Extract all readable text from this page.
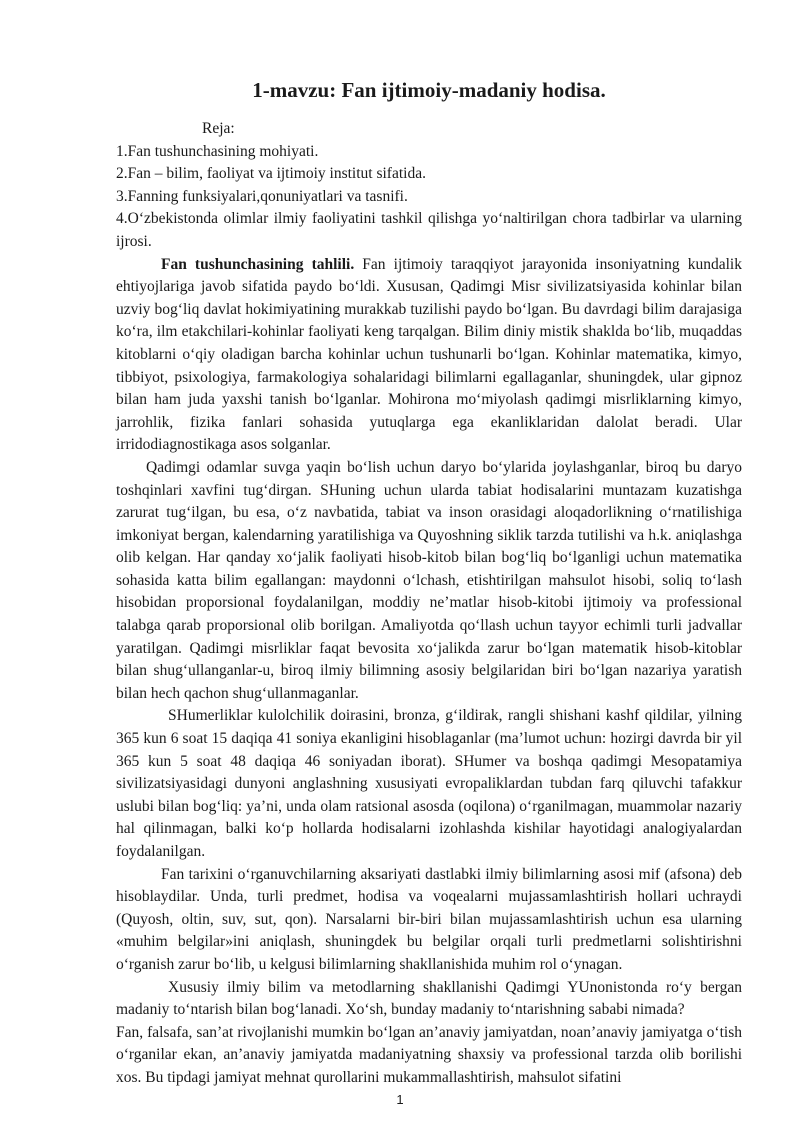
1-mavzu: Fan ijtimoiy-madaniy hodisa.

Reja:

1.Fan tushunchasining mohiyati.

2.Fan – bilim, faoliyat va ijtimoiy institut sifatida.

3.Fanning funksiyalari,qonuniyatlari va tasnifi.

4.O‘zbekistonda olimlar ilmiy faoliyatini tashkil qilishga yo‘naltirilgan chora tadbirlar va ularning ijrosi.

Fan tushunchasining tahlili. Fan ijtimoiy taraqqiyot jarayonida insoniyatning kundalik ehtiyojlariga javob sifatida paydo bo‘ldi. Xususan, Qadimgi Misr sivilizatsiyasida kohinlar bilan uzviy bog‘liq davlat hokimiyatining murakkab tuzilishi paydo bo‘lgan. Bu davrdagi bilim darajasiga ko‘ra, ilm etakchilari-kohinlar faoliyati keng tarqalgan. Bilim diniy mistik shaklda bo‘lib, muqaddas kitoblarni o‘qiy oladigan barcha kohinlar uchun tushunarli bo‘lgan. Kohinlar matematika, kimyo, tibbiyot, psixologiya, farmakologiya sohalaridagi bilimlarni egallaganlar, shuningdek, ular gipnoz bilan ham juda yaxshi tanish bo‘lganlar. Mohirona mo‘miyolash qadimgi misrliklarning kimyo, jarrohlik, fizika fanlari sohasida yutuqlarga ega ekanliklaridan dalolat beradi. Ular irridodiagnostikaga asos solganlar.

Qadimgi odamlar suvga yaqin bo‘lish uchun daryo bo‘ylarida joylashganlar, biroq bu daryo toshqinlari xavfini tug‘dirgan. SHuning uchun ularda tabiat hodisalarini muntazam kuzatishga zarurat tug‘ilgan, bu esa, o‘z navbatida, tabiat va inson orasidagi aloqadorlikning o‘rnatilishiga imkoniyat bergan, kalendarning yaratilishiga va Quyoshning siklik tarzda tutilishi va h.k. aniqlashga olib kelgan. Har qanday xo‘jalik faoliyati hisob-kitob bilan bog‘liq bo‘lganligi uchun matematika sohasida katta bilim egallangan: maydonni o‘lchash, etishtirilgan mahsulot hisobi, soliq to‘lash hisobidan proporsional foydalanilgan, moddiy ne’matlar hisob-kitobi ijtimoiy va professional talabga qarab proporsional olib borilgan. Amaliyotda qo‘llash uchun tayyor echimli turli jadvallar yaratilgan. Qadimgi misrliklar faqat bevosita xo‘jalikda zarur bo‘lgan matematik hisob-kitoblar bilan shug‘ullanganlar-u, biroq ilmiy bilimning asosiy belgilaridan biri bo‘lgan nazariya yaratish bilan hech qachon shug‘ullanmaganlar.

SHumerliklar kulolchilik doirasini, bronza, g‘ildirak, rangli shishani kashf qildilar, yilning 365 kun 6 soat 15 daqiqa 41 soniya ekanligini hisoblaganlar (ma’lumot uchun: hozirgi davrda bir yil 365 kun 5 soat 48 daqiqa 46 soniyadan iborat). SHumer va boshqa qadimgi Mesopatamiya sivilizatsiyasidagi dunyoni anglashning xususiyati evropaliklardan tubdan farq qiluvchi tafakkur uslubi bilan bog‘liq: ya’ni, unda olam ratsional asosda (oqilona) o‘rganilmagan, muammolar nazariy hal qilinmagan, balki ko‘p hollarda hodisalarni izohlashda kishilar hayotidagi analogiyalardan foydalanilgan.

Fan tarixini o‘rganuvchilarning aksariyati dastlabki ilmiy bilimlarning asosi mif (afsona) deb hisoblaydilar. Unda, turli predmet, hodisa va voqealarni mujassamlashtirish hollari uchraydi (Quyosh, oltin, suv, sut, qon). Narsalarni bir-biri bilan mujassamlashtirish uchun esa ularning «muhim belgilar»ini aniqlash, shuningdek bu belgilar orqali turli predmetlarni solishtirishni o‘rganish zarur bo‘lib, u kelgusi bilimlarning shakllanishida muhim rol o‘ynagan.

Xususiy ilmiy bilim va metodlarning shakllanishi Qadimgi YUnonistonda ro‘y bergan madaniy to‘ntarish bilan bog‘lanadi. Xo‘sh, bunday madaniy to‘ntarishning sababi nimada?

Fan, falsafa, san’at rivojlanishi mumkin bo‘lgan an’anaviy jamiyatdan, noan’anaviy jamiyatga o‘tish o‘rganilar ekan, an’anaviy jamiyatda madaniyatning shaxsiy va professional tarzda olib borilishi xos. Bu tipdagi jamiyat mehnat qurollarini mukammallashtirish, mahsulot sifatini

1
